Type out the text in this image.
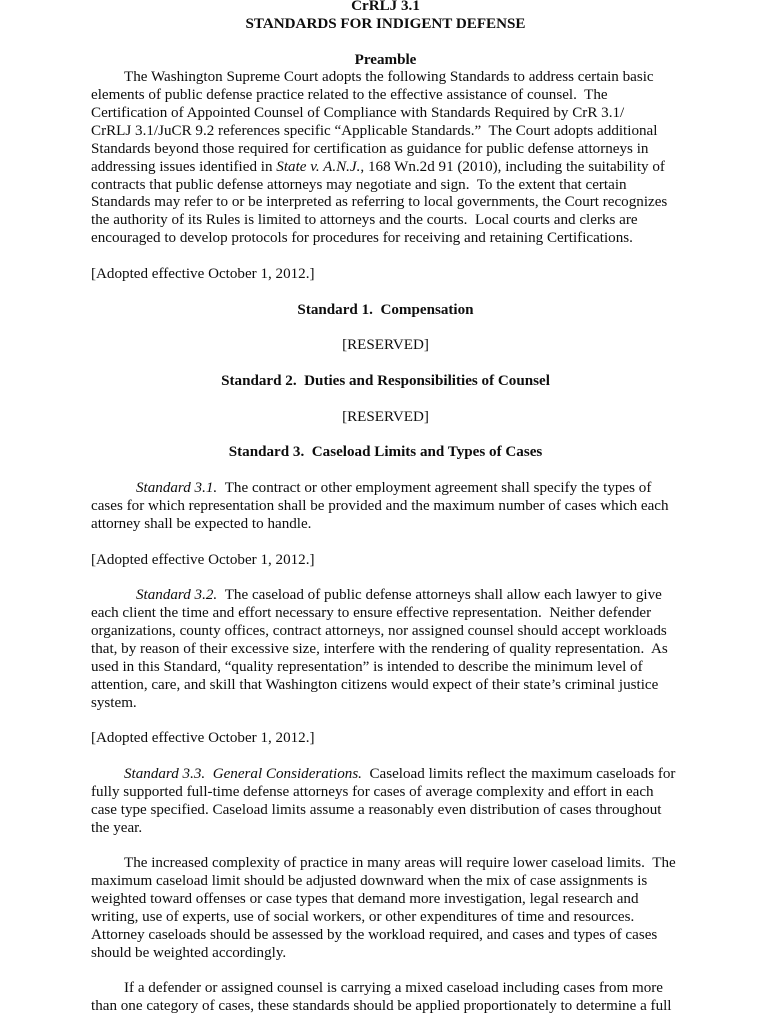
CrRLJ 3.1
STANDARDS FOR INDIGENT DEFENSE
Preamble
The Washington Supreme Court adopts the following Standards to address certain basic
elements of public defense practice related to the effective assistance of counsel.  The
Certification of Appointed Counsel of Compliance with Standards Required by CrR 3.1/
CrRLJ 3.1/JuCR 9.2 references specific “Applicable Standards.”  The Court adopts additional
Standards beyond those required for certification as guidance for public defense attorneys in
addressing issues identified in State v. A.N.J. , 168 Wn.2d 91 (2010), including the suitability of
contracts that public defense attorneys may negotiate and sign.  To the extent that certain
Standards may refer to or be interpreted as referring to local governments, the Court recognizes
the authority of its Rules is limited to attorneys and the courts.  Local courts and clerks are
encouraged to develop protocols for procedures for receiving and retaining Certifications.
[Adopted effective October 1, 2012.]
Standard 1.  Compensation
[RESERVED]
Standard 2.  Duties and Responsibilities of Counsel
[RESERVED]
Standard 3.  Caseload Limits and Types of Cases
Standard 3.1. The contract or other employment agreement shall specify the types of
cases for which representation shall be provided and the maximum number of cases which each
attorney shall be expected to handle.
[Adopted effective October 1, 2012.]
Standard 3.2. The caseload of public defense attorneys shall allow each lawyer to give
each client the time and effort necessary to ensure effective representation.  Neither defender
organizations, county offices, contract attorneys, nor assigned counsel should accept workloads
that, by reason of their excessive size, interfere with the rendering of quality representation.  As
used in this Standard, “quality representation” is intended to describe the minimum level of
attention, care, and skill that Washington citizens would expect of their state’s criminal justice
system.
[Adopted effective October 1, 2012.]
Standard 3.3. General Considerations. Caseload limits reflect the maximum caseloads for
fully supported full-time defense attorneys for cases of average complexity and effort in each
case type specified. Caseload limits assume a reasonably even distribution of cases throughout
the year.
The increased complexity of practice in many areas will require lower caseload limits.  The
maximum caseload limit should be adjusted downward when the mix of case assignments is
weighted toward offenses or case types that demand more investigation, legal research and
writing, use of experts, use of social workers, or other expenditures of time and resources.
Attorney caseloads should be assessed by the workload required, and cases and types of cases
should be weighted accordingly.
If a defender or assigned counsel is carrying a mixed caseload including cases from more
than one category of cases, these standards should be applied proportionately to determine a full
